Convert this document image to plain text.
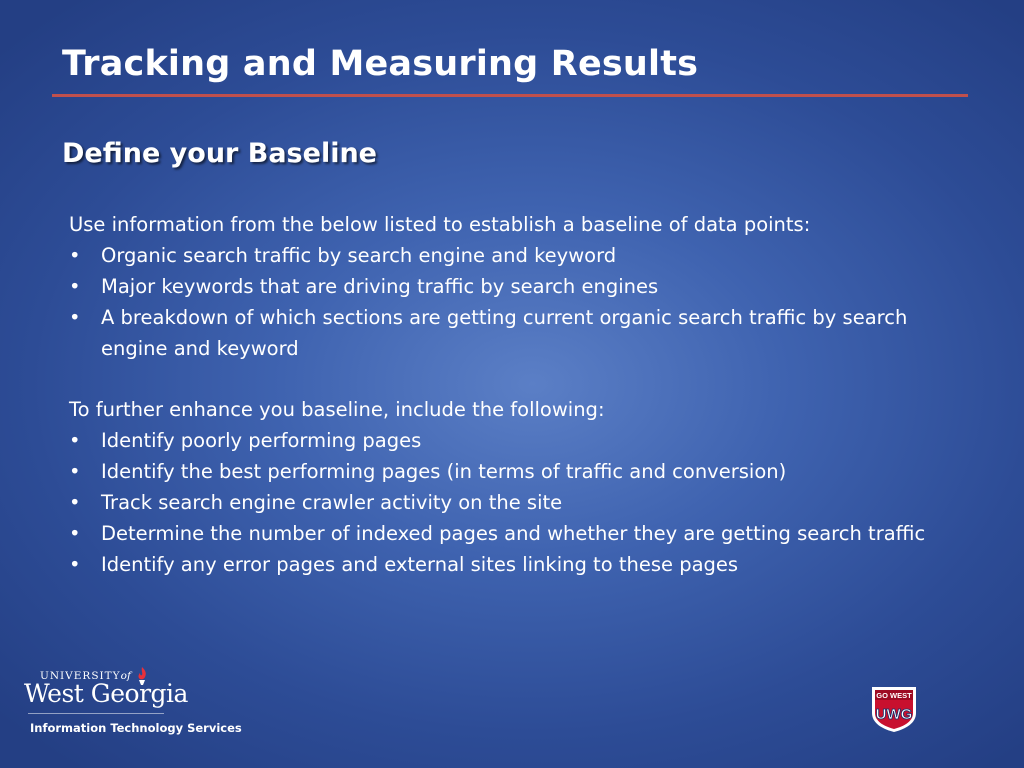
Tracking and Measuring Results
Define your Baseline

Use information from the below listed to establish a baseline of data points:

• Organic search traffic by search engine and keyword
• Major keywords that are driving traffic by search engines
• A breakdown of which sections are getting current organic search traffic by search engine and keyword

To further enhance you baseline, include the following:

• Identify poorly performing pages
• Identify the best performing pages (in terms of traffic and conversion)
• Track search engine crawler activity on the site
• Determine the number of indexed pages and whether they are getting search traffic
• Identify any error pages and external sites linking to these pages
UNIVERSITYof
West Georgia
Information Technology Services
GO WEST
UWG
